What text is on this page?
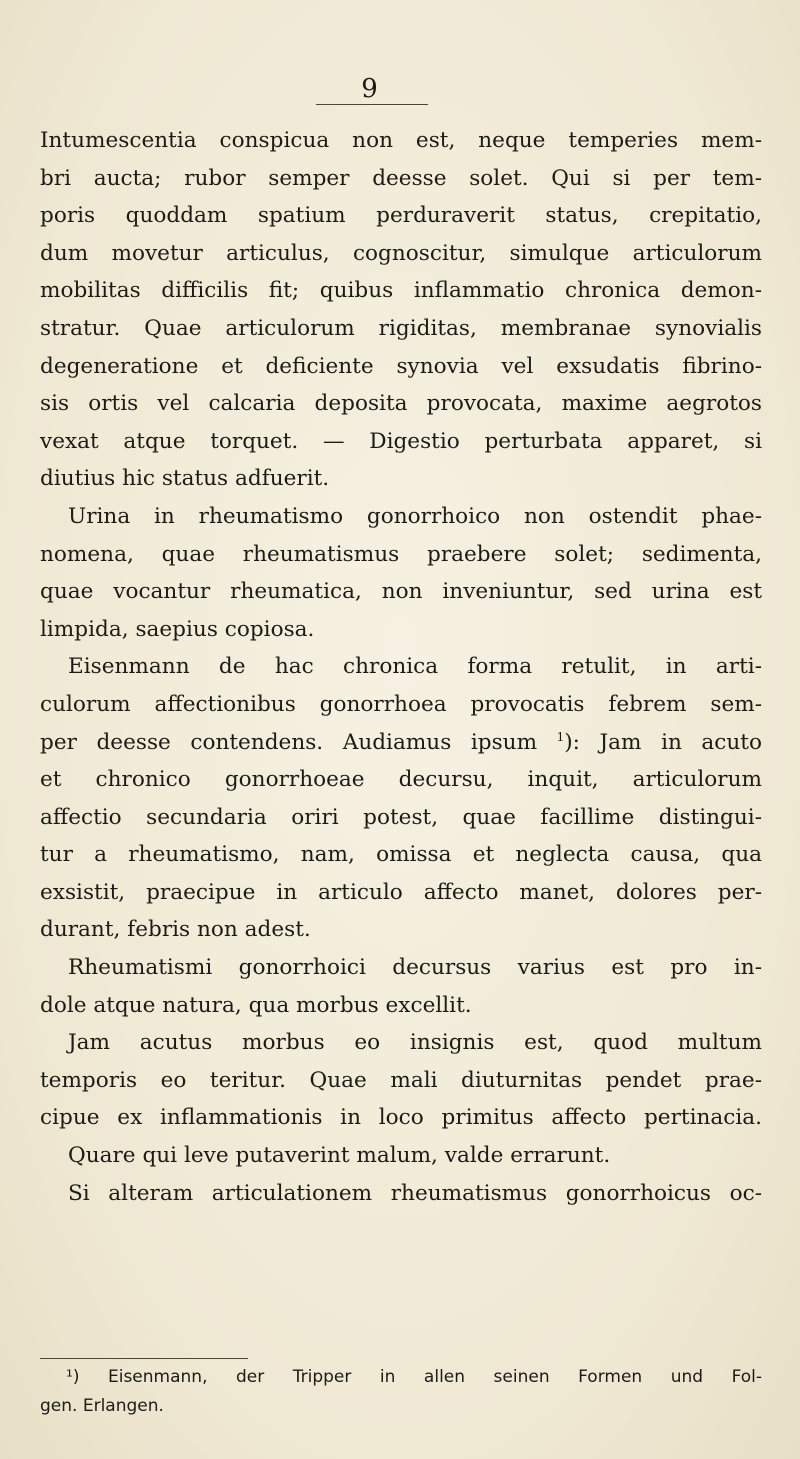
9

Intumescentia conspicua non est, neque temperies mem-

bri aucta; rubor semper deesse solet. Qui si per tem-

poris quoddam spatium perduraverit status, crepitatio,

dum movetur articulus, cognoscitur, simulque articulorum

mobilitas difficilis fit; quibus inflammatio chronica demon-

stratur. Quae articulorum rigiditas, membranae synovialis

degeneratione et deficiente synovia vel exsudatis fibrino-

sis ortis vel calcaria deposita provocata, maxime aegrotos

vexat atque torquet. — Digestio perturbata apparet, si

diutius hic status adfuerit.

Urina in rheumatismo gonorrhoico non ostendit phae-

nomena, quae rheumatismus praebere solet; sedimenta,

quae vocantur rheumatica, non inveniuntur, sed urina est

limpida, saepius copiosa.

Eisenmann de hac chronica forma retulit, in arti-

culorum affectionibus gonorrhoea provocatis febrem sem-

per deesse contendens. Audiamus ipsum $^1$): Jam in acuto

et chronico gonorrhoeae decursu, inquit, articulorum

affectio secundaria oriri potest, quae facillime distingui-

tur a rheumatismo, nam, omissa et neglecta causa, qua

exsistit, praecipue in articulo affecto manet, dolores per-

durant, febris non adest.

Rheumatismi gonorrhoici decursus varius est pro in-

dole atque natura, qua morbus excellit.

Jam acutus morbus eo insignis est, quod multum

temporis eo teritur. Quae mali diuturnitas pendet prae-

cipue ex inflammationis in loco primitus affecto pertinacia.

Quare qui leve putaverint malum, valde errarunt.

Si alteram articulationem rheumatismus gonorrhoicus oc-

¹) Eisenmann, der Tripper in allen seinen Formen und Fol-

gen. Erlangen.
